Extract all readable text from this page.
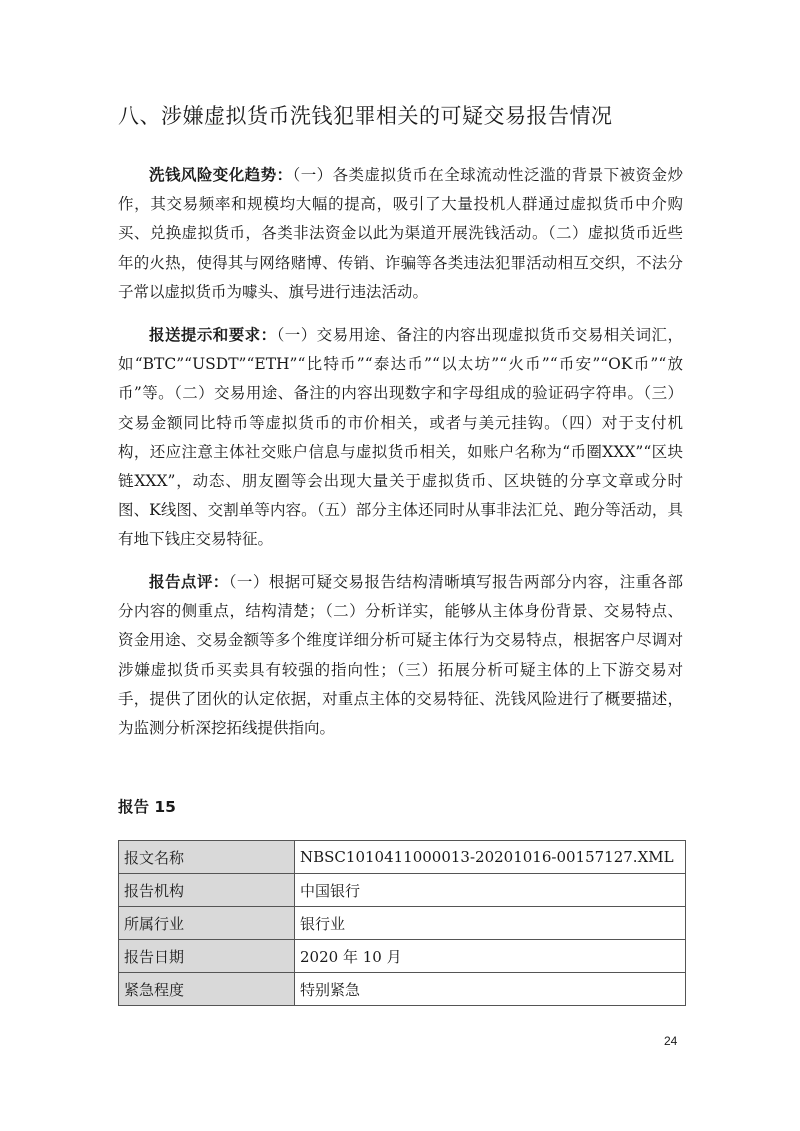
八、涉嫌虚拟货币洗钱犯罪相关的可疑交易报告情况

洗钱风险变化趋势：（一）各类虚拟货币在全球流动性泛滥的背景下被资金炒作，其交易频率和规模均大幅的提高，吸引了大量投机人群通过虚拟货币中介购买、兑换虚拟货币，各类非法资金以此为渠道开展洗钱活动。（二）虚拟货币近些年的火热，使得其与网络赌博、传销、诈骗等各类违法犯罪活动相互交织，不法分子常以虚拟货币为噱头、旗号进行违法活动。

报送提示和要求：（一）交易用途、备注的内容出现虚拟货币交易相关词汇，如“BTC”“USDT”“ETH”“比特币”“泰达币”“以太坊”“火币”“币安”“OK币”“放币”等。（二）交易用途、备注的内容出现数字和字母组成的验证码字符串。（三）交易金额同比特币等虚拟货币的市价相关，或者与美元挂钩。（四）对于支付机构，还应注意主体社交账户信息与虚拟货币相关，如账户名称为“币圈XXX”“区块链XXX”，动态、朋友圈等会出现大量关于虚拟货币、区块链的分享文章或分时图、K线图、交割单等内容。（五）部分主体还同时从事非法汇兑、跑分等活动，具有地下钱庄交易特征。

报告点评：（一）根据可疑交易报告结构清晰填写报告两部分内容，注重各部分内容的侧重点，结构清楚；（二）分析详实，能够从主体身份背景、交易特点、资金用途、交易金额等多个维度详细分析可疑主体行为交易特点，根据客户尽调对涉嫌虚拟货币买卖具有较强的指向性；（三）拓展分析可疑主体的上下游交易对手，提供了团伙的认定依据，对重点主体的交易特征、洗钱风险进行了概要描述，为监测分析深挖拓线提供指向。

报告 15
报文名称	NBSC1010411000013-20201016-00157127.XML
报告机构	中国银行
所属行业	银行业
报告日期	2020 年 10 月
紧急程度	特别紧急
24
